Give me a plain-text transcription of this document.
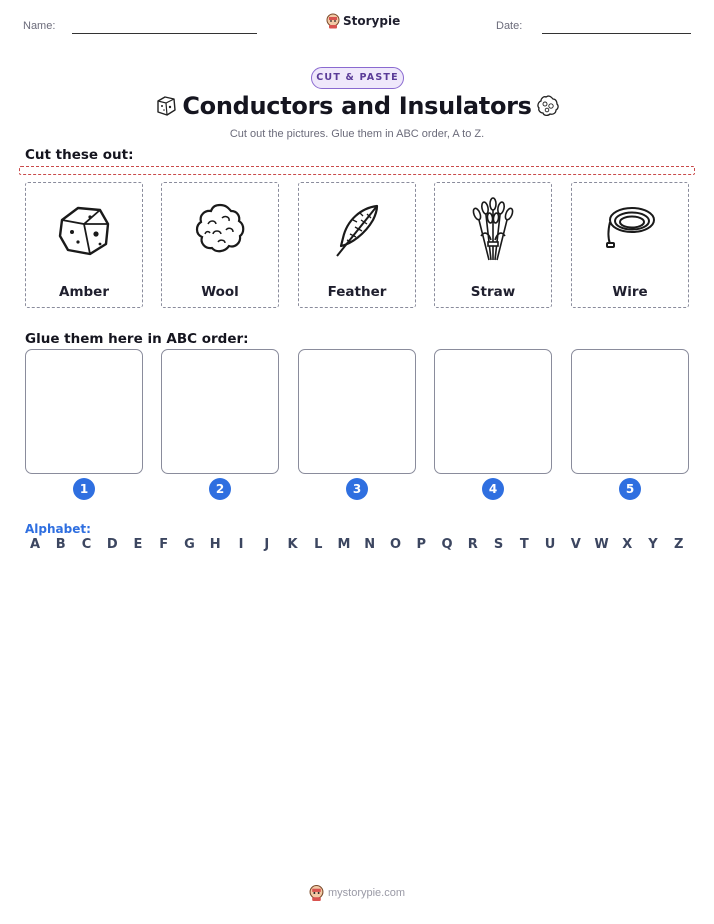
Name:	Storypie	Date:
CUT & PASTE
Conductors and Insulators
Cut out the pictures. Glue them in ABC order, A to Z.
Cut these out:
Amber	Wool	Feather	Straw	Wire
Glue them here in ABC order:
1	2	3	4	5
Alphabet:
A	B	C	D	E	F	G	H	I	J	K	L	M	N	O	P	Q	R	S	T	U	V	W	X	Y	Z
mystorypie.com
